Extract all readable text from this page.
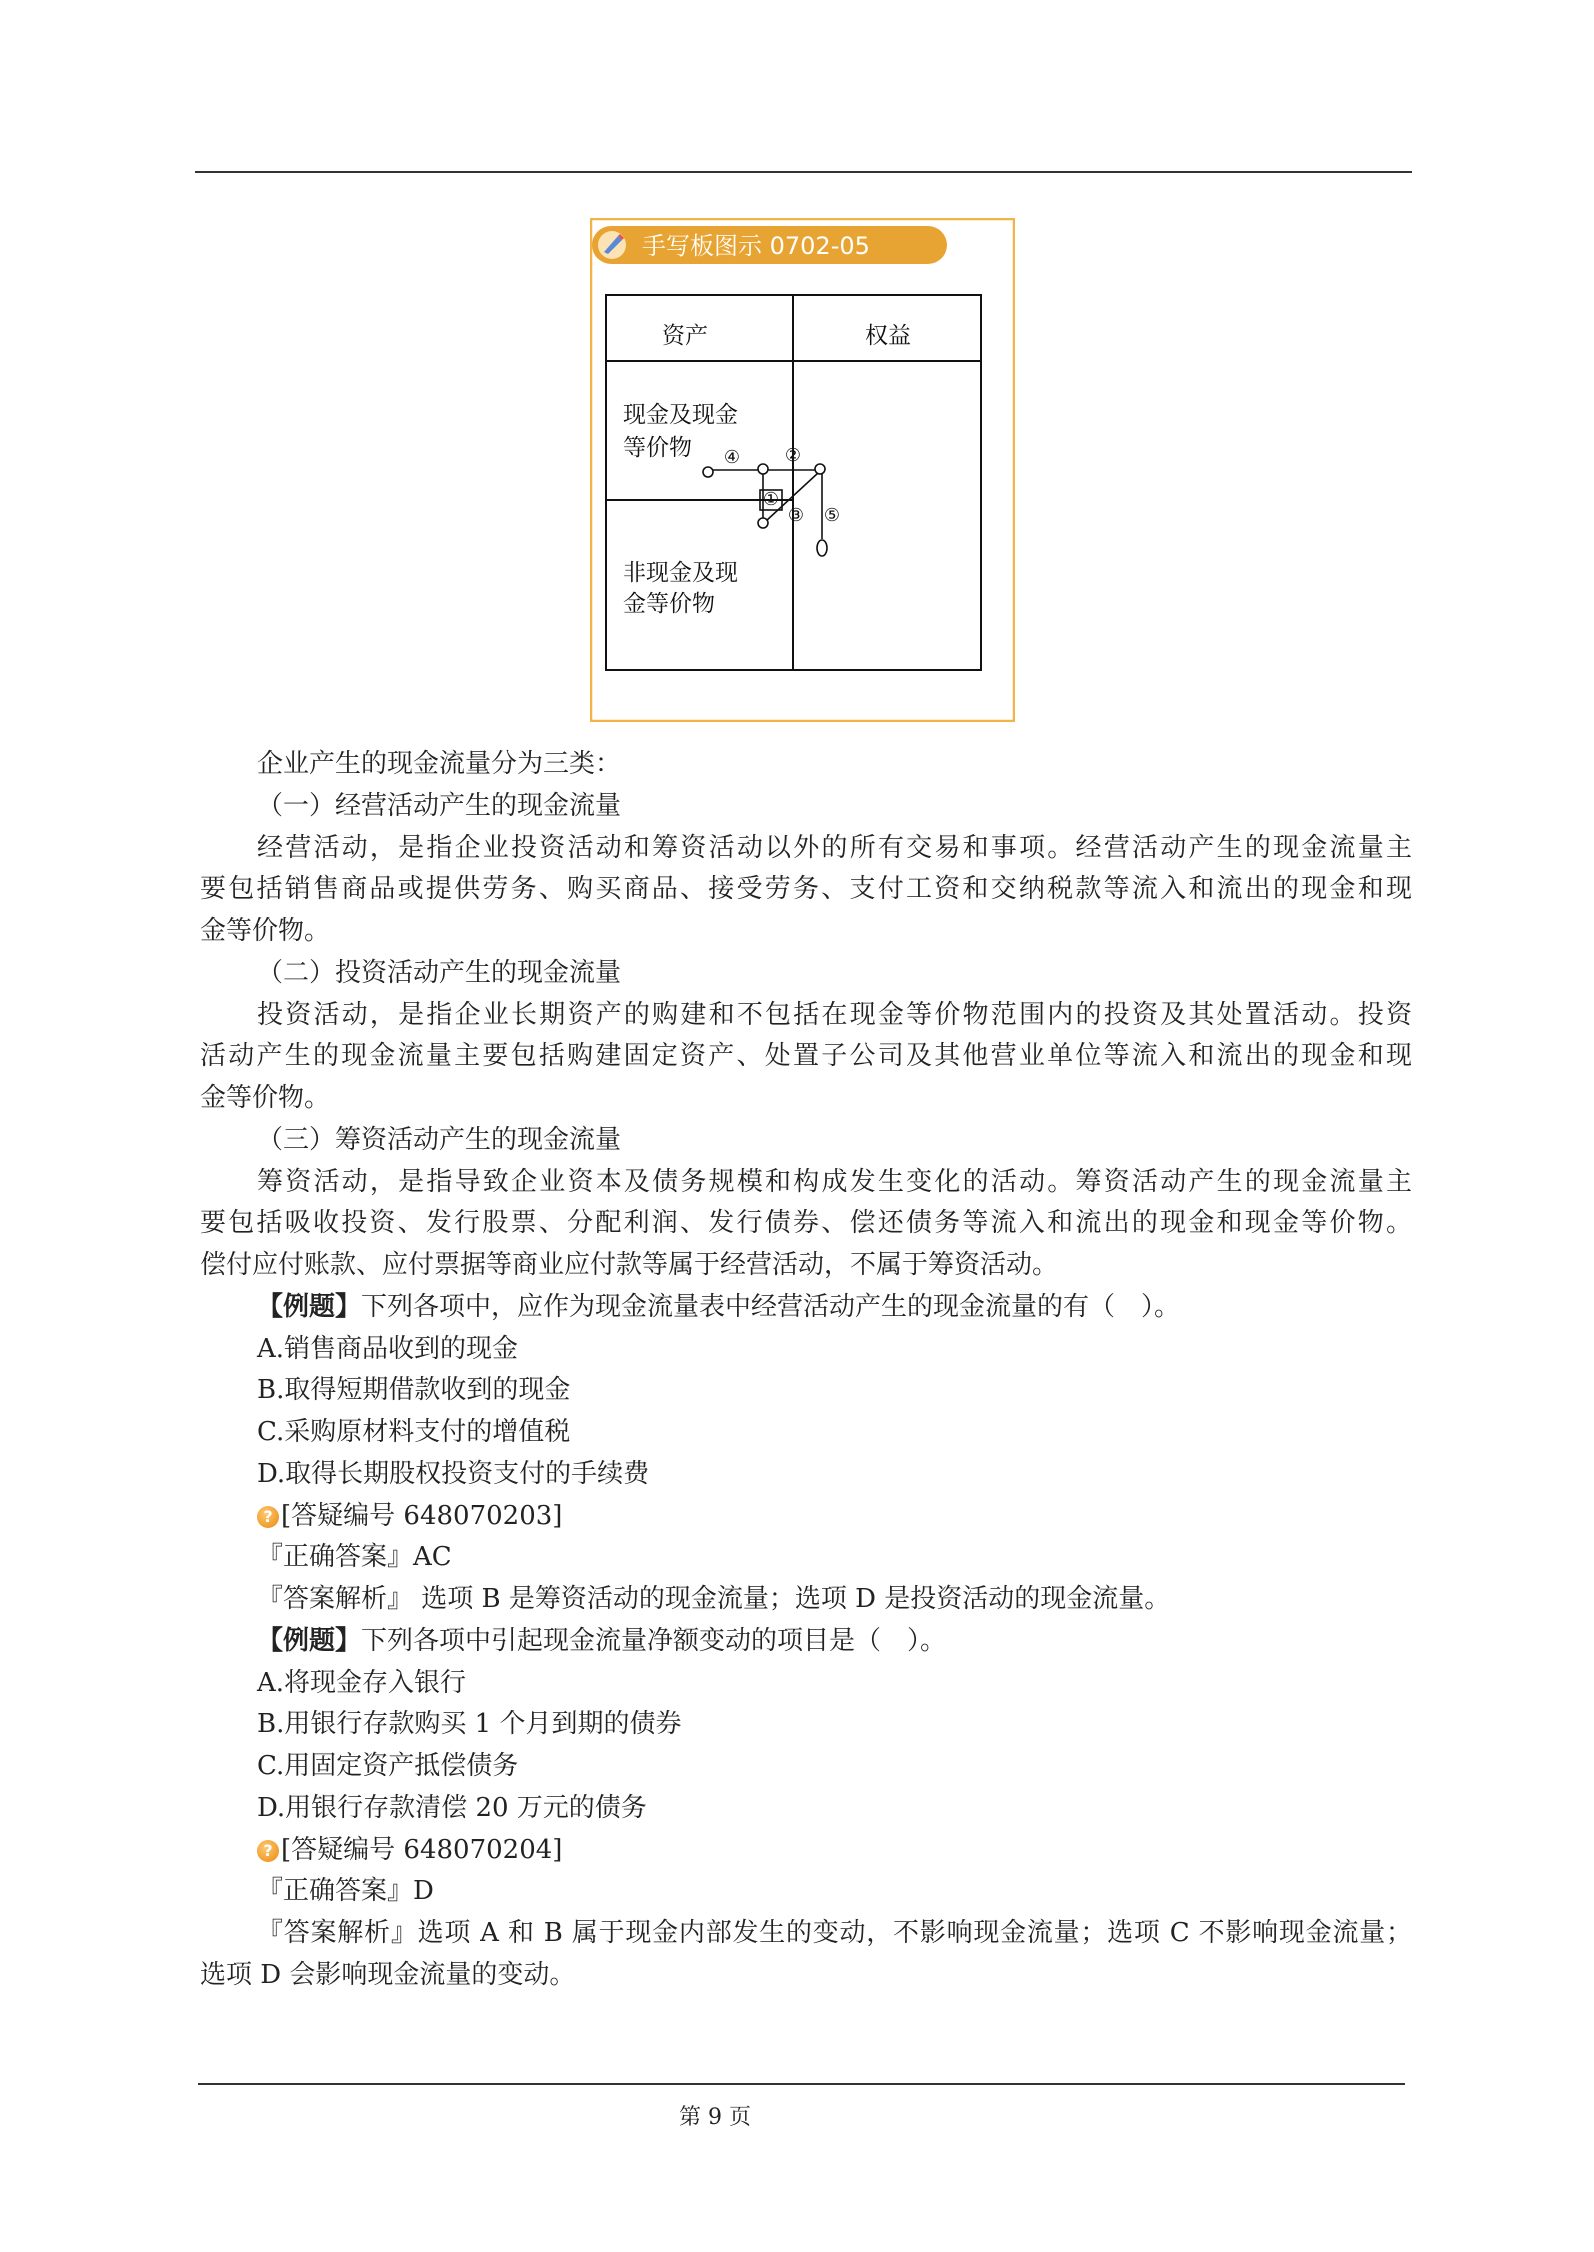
手写板图示 0702-05
资产	权益
现金及现金
等价物
非现金及现
金等价物
④ ②
①
③ ⑤
企业产生的现金流量分为三类：
（一）经营活动产生的现金流量
经营活动，是指企业投资活动和筹资活动以外的所有交易和事项。经营活动产生的现金流量主
要包括销售商品或提供劳务、购买商品、接受劳务、支付工资和交纳税款等流入和流出的现金和现
金等价物。
（二）投资活动产生的现金流量
投资活动，是指企业长期资产的购建和不包括在现金等价物范围内的投资及其处置活动。投资
活动产生的现金流量主要包括购建固定资产、处置子公司及其他营业单位等流入和流出的现金和现
金等价物。
（三）筹资活动产生的现金流量
筹资活动，是指导致企业资本及债务规模和构成发生变化的活动。筹资活动产生的现金流量主
要包括吸收投资、发行股票、分配利润、发行债券、偿还债务等流入和流出的现金和现金等价物。
偿付应付账款、应付票据等商业应付款等属于经营活动，不属于筹资活动。
【例题】下列各项中，应作为现金流量表中经营活动产生的现金流量的有（　）。
A.销售商品收到的现金
B.取得短期借款收到的现金
C.采购原材料支付的增值税
D.取得长期股权投资支付的手续费
? [答疑编号 648070203]
『正确答案』AC
『答案解析』 选项 B 是筹资活动的现金流量；选项 D 是投资活动的现金流量。
【例题】下列各项中引起现金流量净额变动的项目是（　）。
A.将现金存入银行
B.用银行存款购买 1 个月到期的债券
C.用固定资产抵偿债务
D.用银行存款清偿 20 万元的债务
? [答疑编号 648070204]
『正确答案』D
『答案解析』选项 A 和 B 属于现金内部发生的变动，不影响现金流量；选项 C 不影响现金流量；
选项 D 会影响现金流量的变动。
第 9 页
